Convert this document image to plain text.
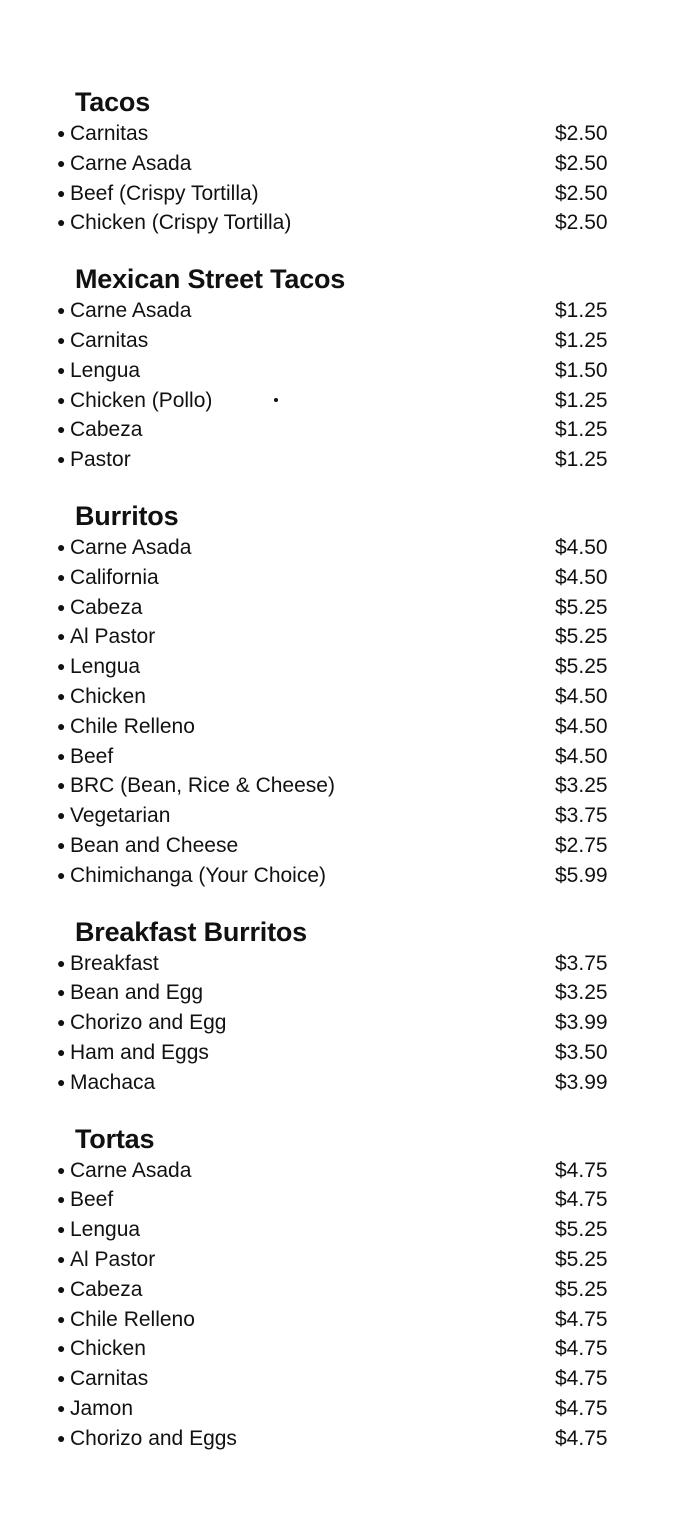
Tacos
● Carnitas	$2.50
● Carne Asada	$2.50
● Beef (Crispy Tortilla)	$2.50
● Chicken (Crispy Tortilla)	$2.50
Mexican Street Tacos
● Carne Asada	$1.25
● Carnitas	$1.25
● Lengua	$1.50
● Chicken (Pollo)	$1.25
● Cabeza	$1.25
● Pastor	$1.25
Burritos
● Carne Asada	$4.50
● California	$4.50
● Cabeza	$5.25
● Al Pastor	$5.25
● Lengua	$5.25
● Chicken	$4.50
● Chile Relleno	$4.50
● Beef	$4.50
● BRC (Bean, Rice & Cheese)	$3.25
● Vegetarian	$3.75
● Bean and Cheese	$2.75
● Chimichanga (Your Choice)	$5.99
Breakfast Burritos
● Breakfast	$3.75
● Bean and Egg	$3.25
● Chorizo and Egg	$3.99
● Ham and Eggs	$3.50
● Machaca	$3.99
Tortas
● Carne Asada	$4.75
● Beef	$4.75
● Lengua	$5.25
● Al Pastor	$5.25
● Cabeza	$5.25
● Chile Relleno	$4.75
● Chicken	$4.75
● Carnitas	$4.75
● Jamon	$4.75
● Chorizo and Eggs	$4.75
